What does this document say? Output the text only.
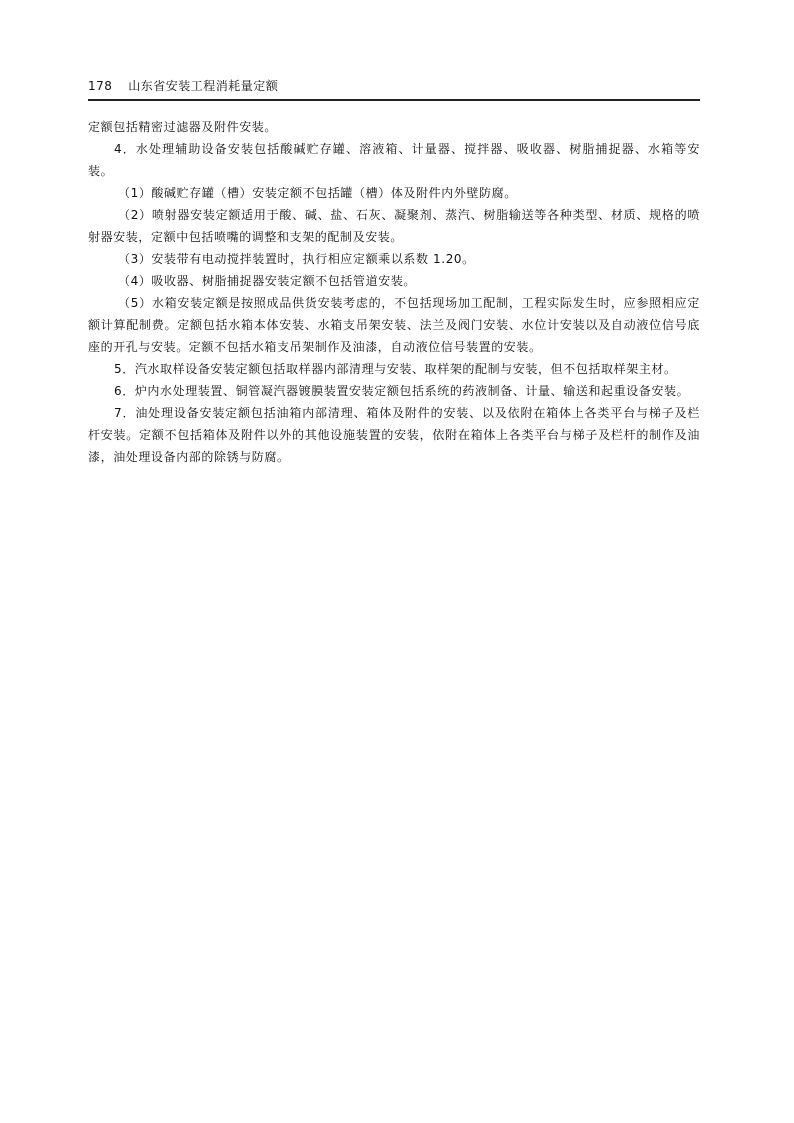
178 山东省安装工程消耗量定额

定额包括精密过滤器及附件安装。

4．水处理辅助设备安装包括酸碱贮存罐、溶液箱、计量器、搅拌器、吸收器、树脂捕捉器、水箱等安装。

（1）酸碱贮存罐（槽）安装定额不包括罐（槽）体及附件内外壁防腐。

（2）喷射器安装定额适用于酸、碱、盐、石灰、凝聚剂、蒸汽、树脂输送等各种类型、材质、规格的喷射器安装，定额中包括喷嘴的调整和支架的配制及安装。

（3）安装带有电动搅拌装置时，执行相应定额乘以系数 1.20。

（4）吸收器、树脂捕捉器安装定额不包括管道安装。

（5）水箱安装定额是按照成品供货安装考虑的，不包括现场加工配制，工程实际发生时，应参照相应定额计算配制费。定额包括水箱本体安装、水箱支吊架安装、法兰及阀门安装、水位计安装以及自动液位信号底座的开孔与安装。定额不包括水箱支吊架制作及油漆，自动液位信号装置的安装。

5．汽水取样设备安装定额包括取样器内部清理与安装、取样架的配制与安装，但不包括取样架主材。

6．炉内水处理装置、铜管凝汽器镀膜装置安装定额包括系统的药液制备、计量、输送和起重设备安装。

7．油处理设备安装定额包括油箱内部清理、箱体及附件的安装、以及依附在箱体上各类平台与梯子及栏杆安装。定额不包括箱体及附件以外的其他设施装置的安装，依附在箱体上各类平台与梯子及栏杆的制作及油漆，油处理设备内部的除锈与防腐。
